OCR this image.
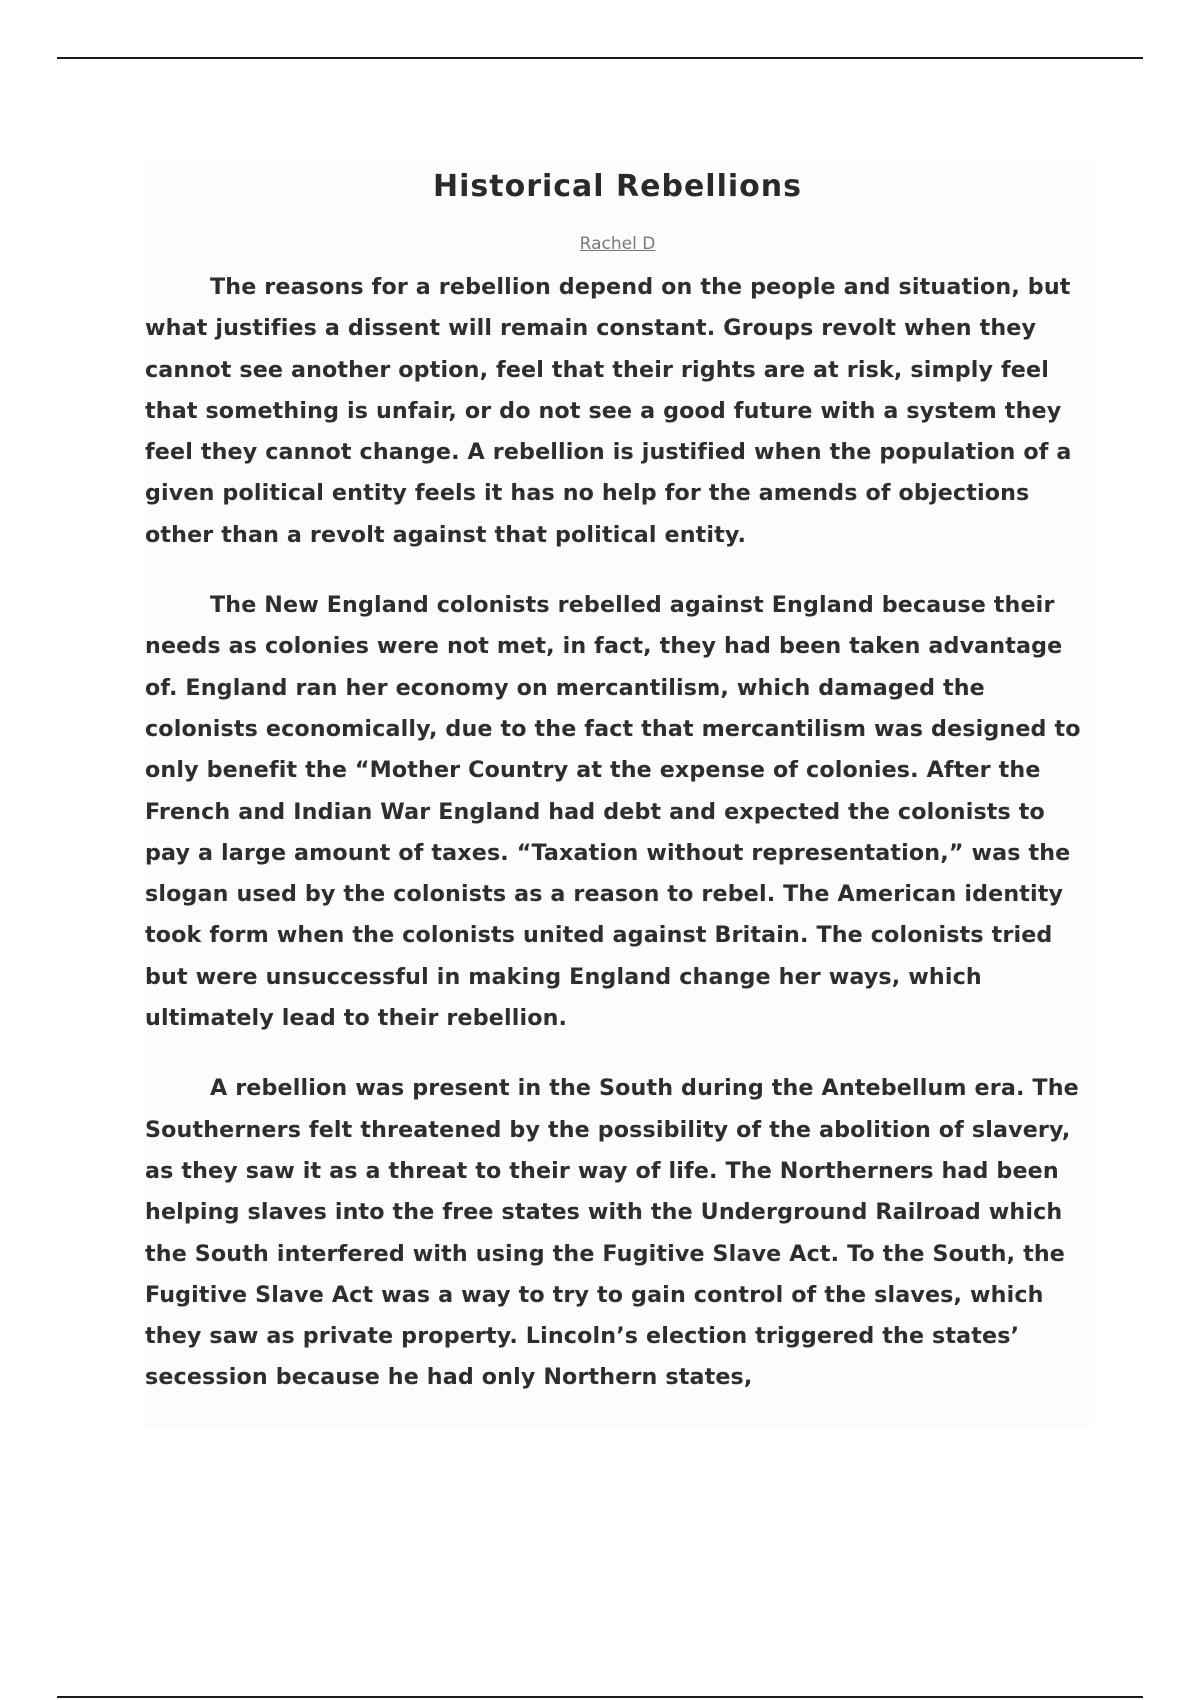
Historical Rebellions
Rachel D

The reasons for a rebellion depend on the people and situation, but what justifies a dissent will remain constant. Groups revolt when they cannot see another option, feel that their rights are at risk, simply feel that something is unfair, or do not see a good future with a system they feel they cannot change. A rebellion is justified when the population of a given political entity feels it has no help for the amends of objections other than a revolt against that political entity.

The New England colonists rebelled against England because their needs as colonies were not met, in fact, they had been taken advantage of. England ran her economy on mercantilism, which damaged the colonists economically, due to the fact that mercantilism was designed to only benefit the “Mother Country at the expense of colonies. After the French and Indian War England had debt and expected the colonists to pay a large amount of taxes. “Taxation without representation,” was the slogan used by the colonists as a reason to rebel. The American identity took form when the colonists united against Britain. The colonists tried but were unsuccessful in making England change her ways, which ultimately lead to their rebellion.

A rebellion was present in the South during the Antebellum era. The Southerners felt threatened by the possibility of the abolition of slavery, as they saw it as a threat to their way of life. The Northerners had been helping slaves into the free states with the Underground Railroad which the South interfered with using the Fugitive Slave Act. To the South, the Fugitive Slave Act was a way to try to gain control of the slaves, which they saw as private property. Lincoln’s election triggered the states’ secession because he had only Northern states,
